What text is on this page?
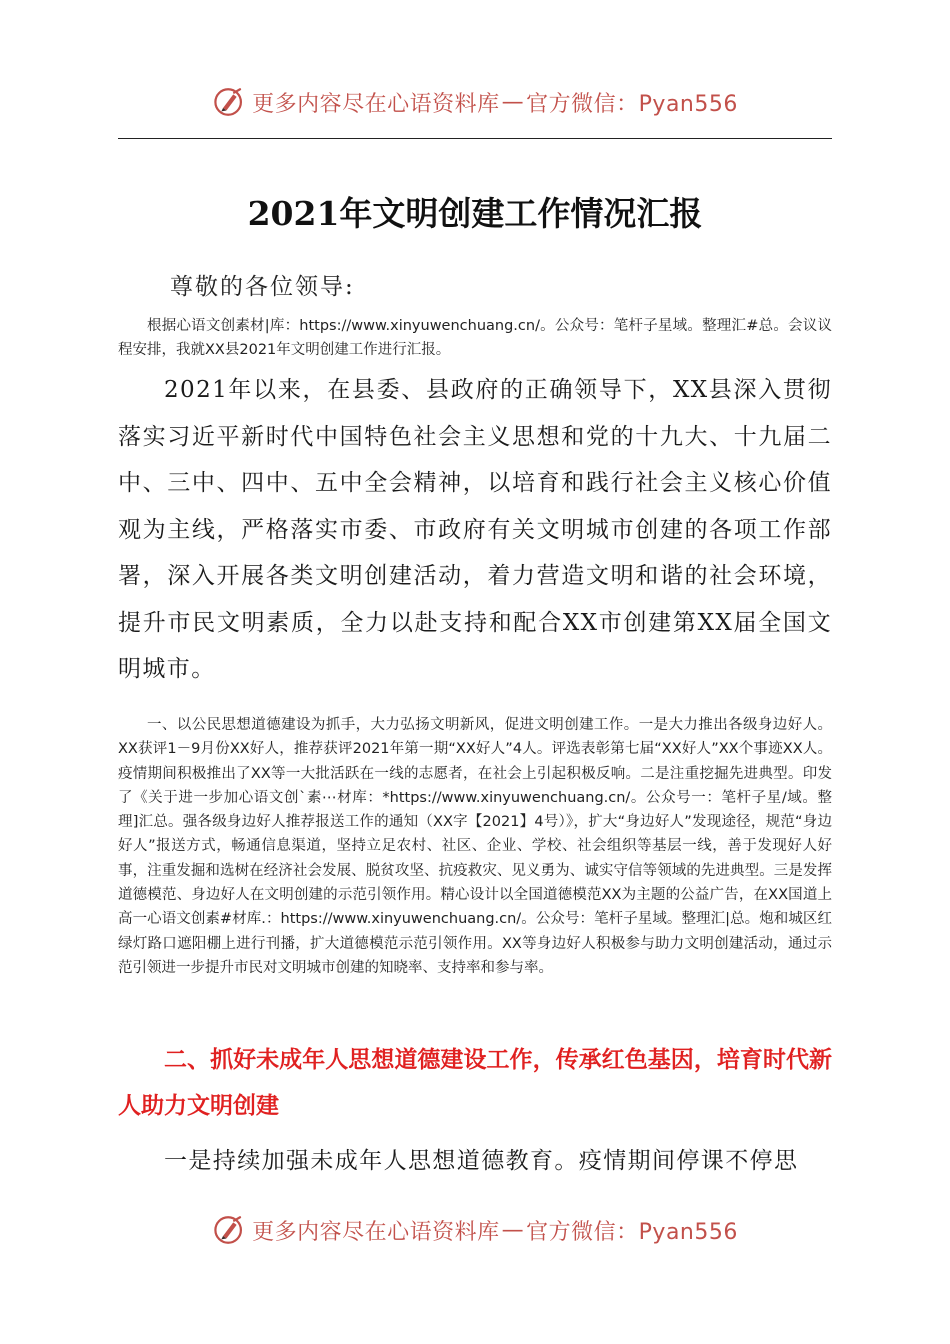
更多内容尽在心语资料库 — 官方微信：Pyan556
2021年文明创建工作情况汇报
尊敬的各位领导:

根据心语文创素材|库：https://www.xinyuwenchuang.cn/。公众号：笔杆子星域。整理汇#总。会议议程安排，我就XX县2021年文明创建工作进行汇报。

2021年以来，在县委、县政府的正确领导下，XX县深入贯彻落实习近平新时代中国特色社会主义思想和党的十九大、十九届二中、三中、四中、五中全会精神，以培育和践行社会主义核心价值观为主线，严格落实市委、市政府有关文明城市创建的各项工作部署，深入开展各类文明创建活动，着力营造文明和谐的社会环境，提升市民文明素质，全力以赴支持和配合XX市创建第XX届全国文明城市。

一、以公民思想道德建设为抓手，大力弘扬文明新风，促进文明创建工作。一是大力推出各级身边好人。XX获评1－9月份XX好人，推荐获评2021年第一期“XX好人”4人。评选表彰第七届“XX好人”XX个事迹XX人。疫情期间积极推出了XX等一大批活跃在一线的志愿者，在社会上引起积极反响。二是注重挖掘先进典型。印发了《关于进一步加心语文创`素⋯材库：*https://www.xinyuwenchuang.cn/。公众号一：笔杆子星/域。整理]汇总。强各级身边好人推荐报送工作的通知（XX字【2021】4号）》，扩大“身边好人”发现途径，规范“身边好人”报送方式，畅通信息渠道，坚持立足农村、社区、企业、学校、社会组织等基层一线，善于发现好人好事，注重发掘和选树在经济社会发展、脱贫攻坚、抗疫救灾、见义勇为、诚实守信等领域的先进典型。三是发挥道德模范、身边好人在文明创建的示范引领作用。精心设计以全国道德模范XX为主题的公益广告，在XX国道上高一心语文创素#材库.：https://www.xinyuwenchuang.cn/。公众号：笔杆子星域。整理汇|总。炮和城区红绿灯路口遮阳棚上进行刊播，扩大道德模范示范引领作用。XX等身边好人积极参与助力文明创建活动，通过示范引领进一步提升市民对文明城市创建的知晓率、支持率和参与率。

二、抓好未成年人思想道德建设工作，传承红色基因，培育时代新人助力文明创建

一是持续加强未成年人思想道德教育。疫情期间停课不停思

更多内容尽在心语资料库 — 官方微信：Pyan556
